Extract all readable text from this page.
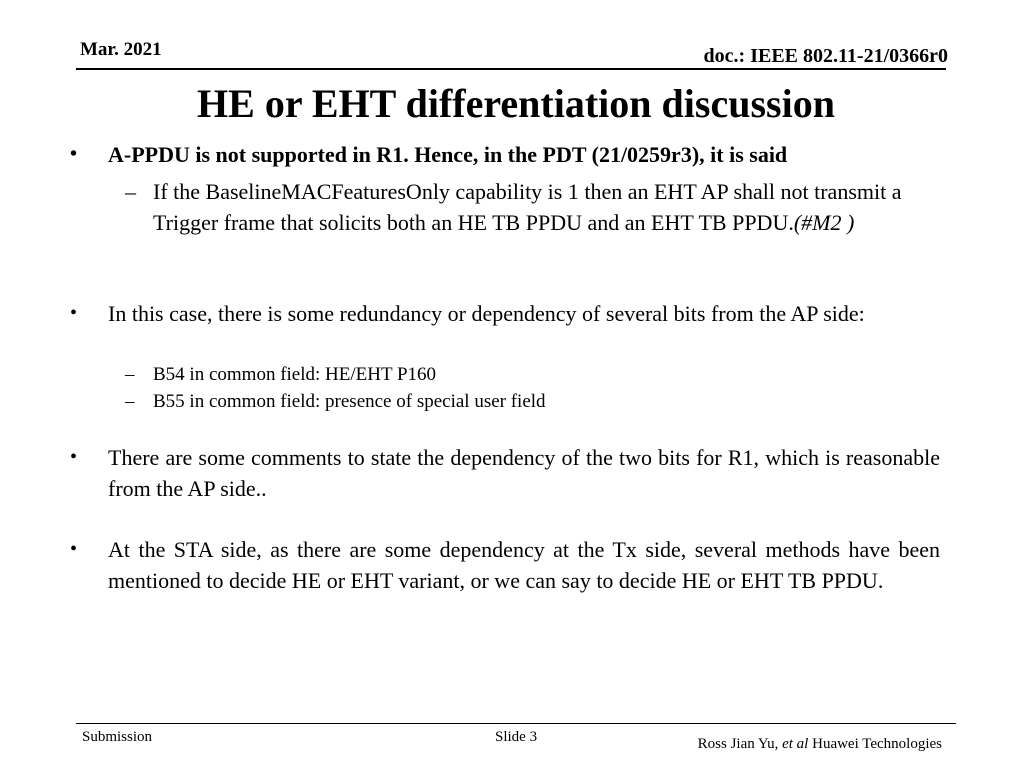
Mar. 2021	doc.: IEEE 802.11-21/0366r0
HE or EHT differentiation discussion
• A-PPDU is not supported in R1. Hence, in the PDT (21/0259r3), it is said
– If the BaselineMACFeaturesOnly capability is 1 then an EHT AP shall not transmit a Trigger frame that solicits both an HE TB PPDU and an EHT TB PPDU.(#M2 )
• In this case, there is some redundancy or dependency of several bits from the AP side:
– B54 in common field: HE/EHT P160
– B55 in common field: presence of special user field
• There are some comments to state the dependency of the two bits for R1, which is reasonable from the AP side..
• At the STA side, as there are some dependency at the Tx side, several methods have been mentioned to decide HE or EHT variant, or we can say to decide HE or EHT TB PPDU.
Submission	Slide 3	Ross Jian Yu, et al Huawei Technologies
